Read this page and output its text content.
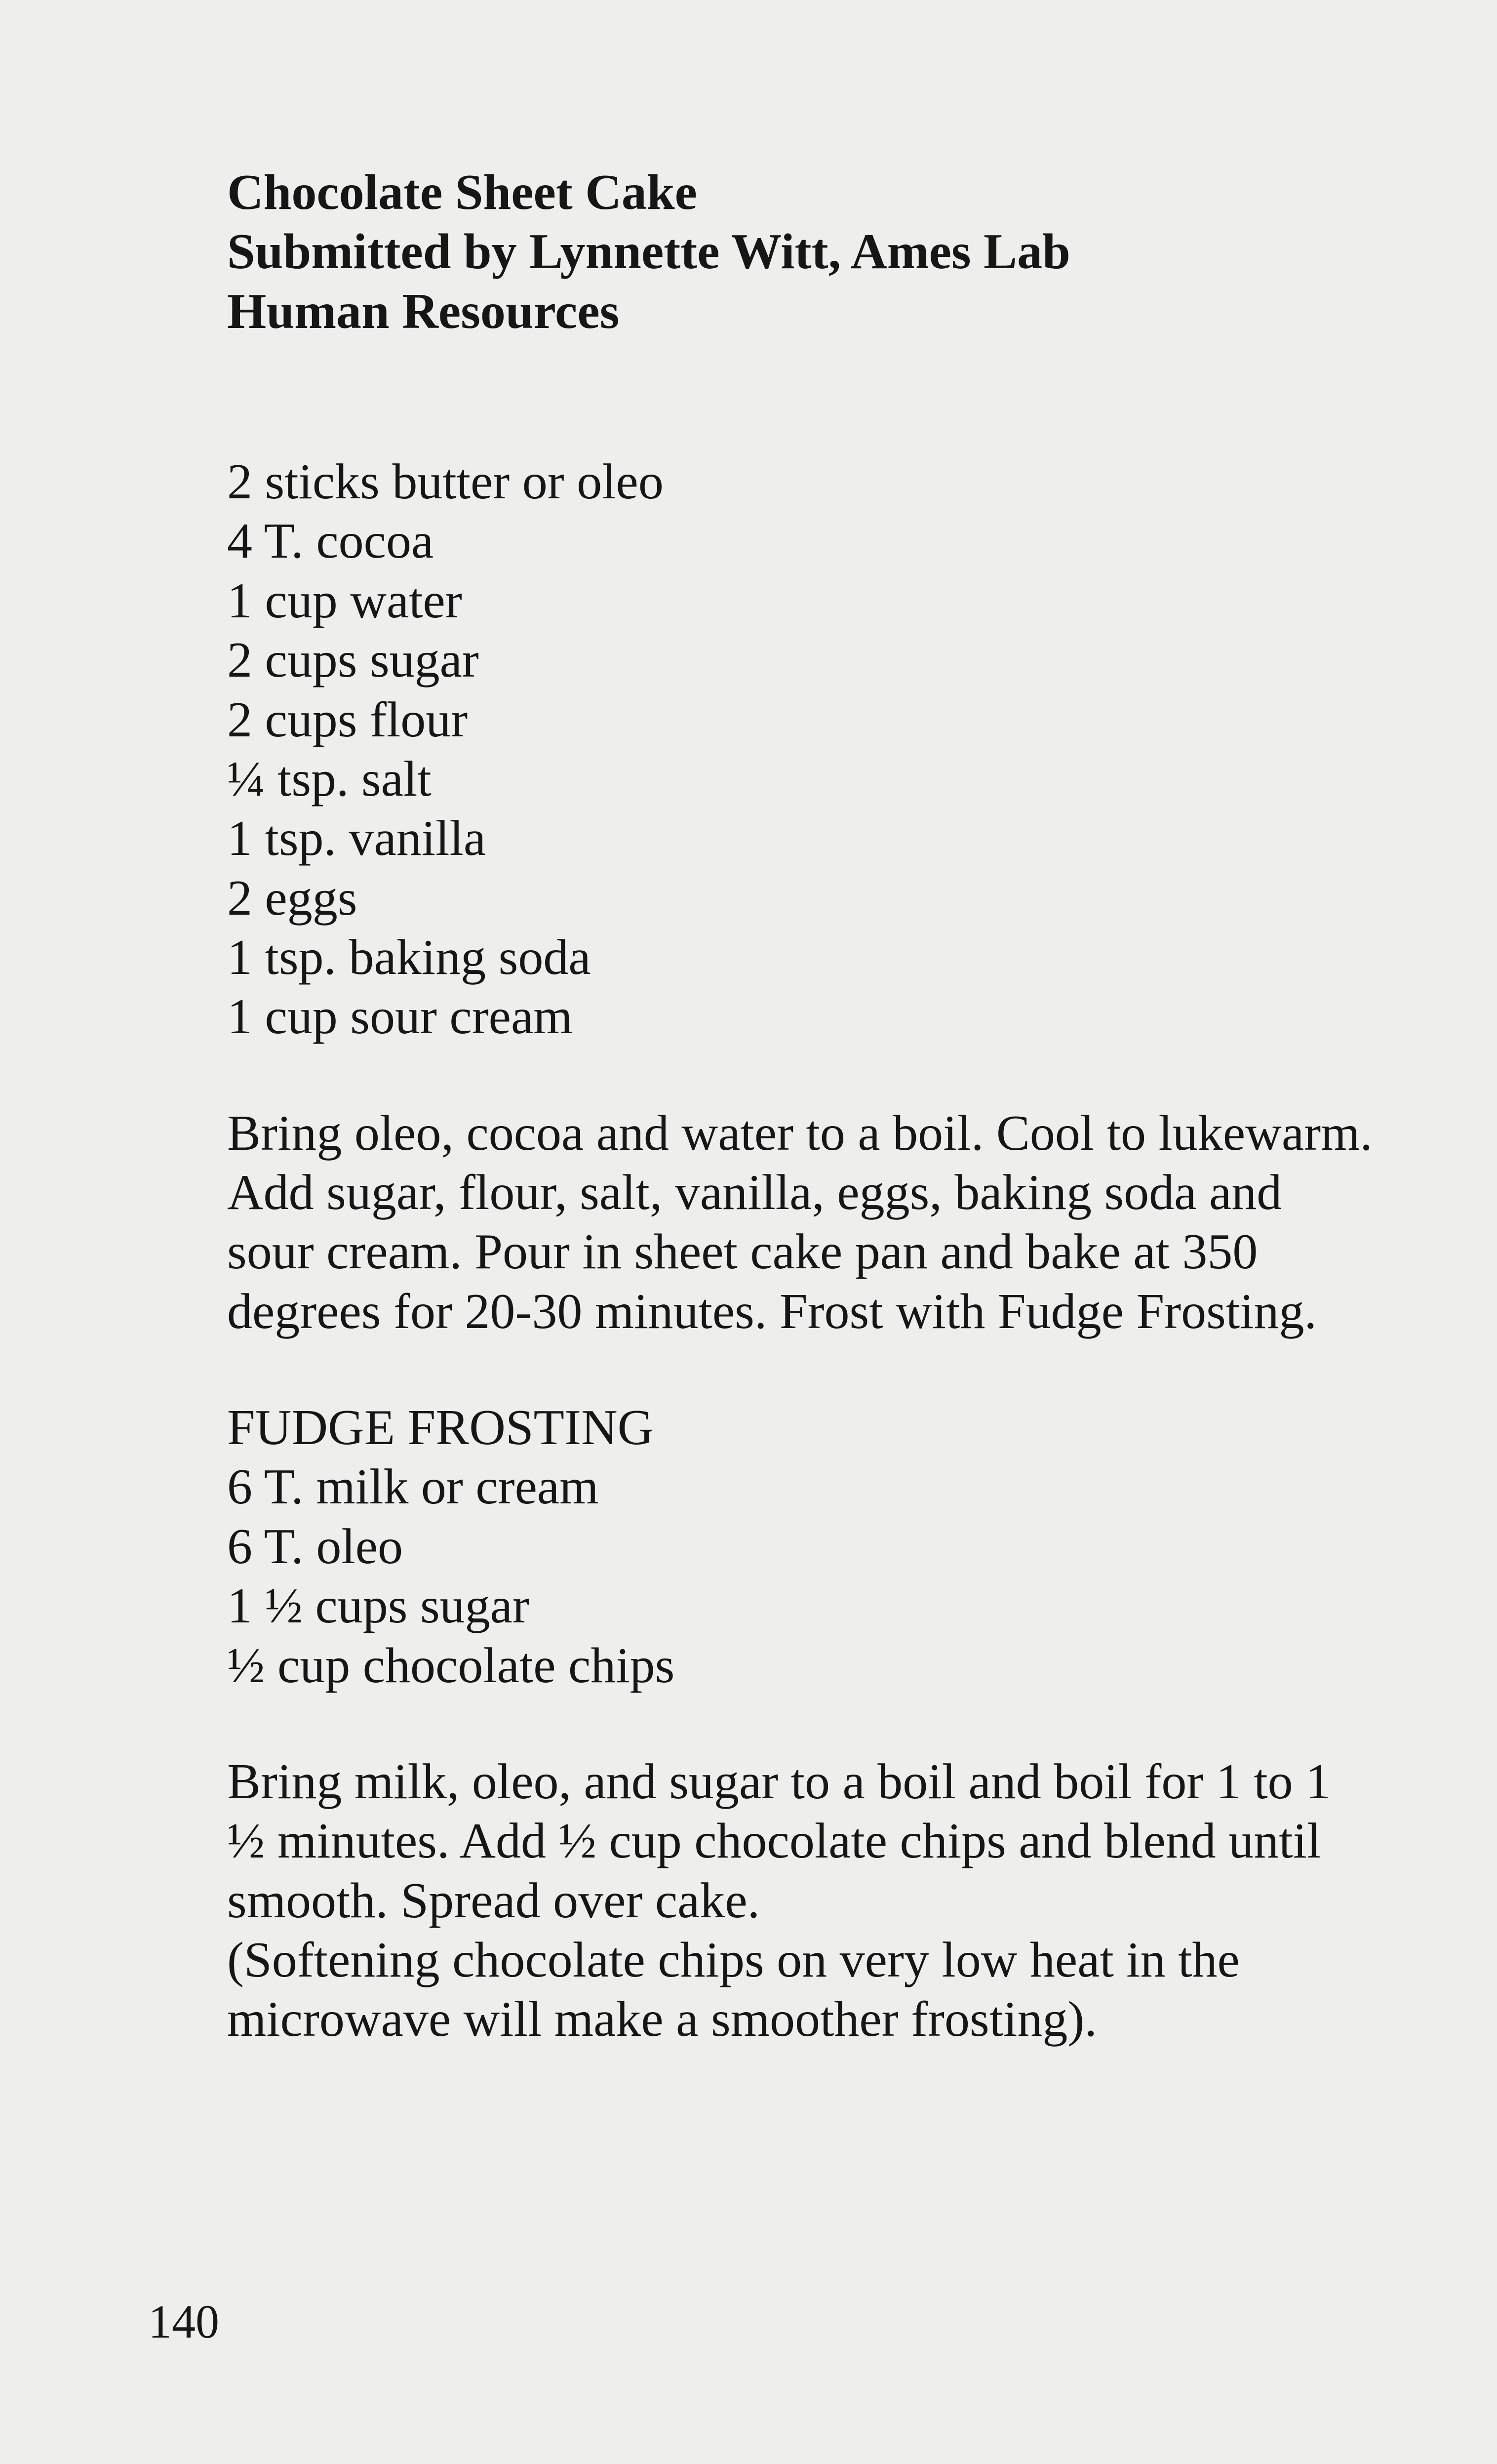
Chocolate Sheet Cake
Submitted by Lynnette Witt, Ames Lab
Human Resources
2 sticks butter or oleo
4 T. cocoa
1 cup water
2 cups sugar
2 cups flour
¼ tsp. salt
1 tsp. vanilla
2 eggs
1 tsp. baking soda
1 cup sour cream

Bring oleo, cocoa and water to a boil. Cool to lukewarm. Add sugar, flour, salt, vanilla, eggs, baking soda and sour cream. Pour in sheet cake pan and bake at 350 degrees for 20-30 minutes. Frost with Fudge Frosting.

FUDGE FROSTING
6 T. milk or cream
6 T. oleo
1 ½ cups sugar
½ cup chocolate chips
Bring milk, oleo, and sugar to a boil and boil for 1 to 1 ½ minutes. Add ½ cup chocolate chips and blend until smooth. Spread over cake.
(Softening chocolate chips on very low heat in the microwave will make a smoother frosting).
140
